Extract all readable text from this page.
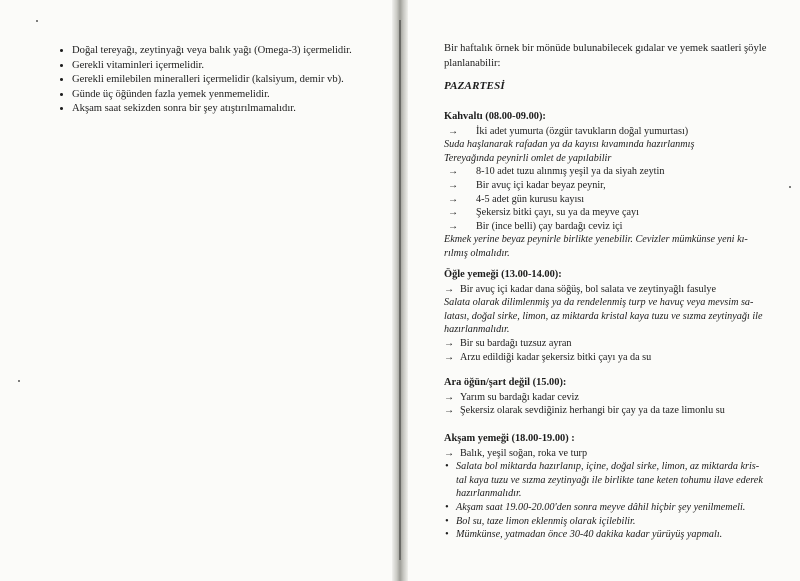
• Doğal tereyağı, zeytinyağı veya balık yağı (Omega-3) içermelidir.
• Gerekli vitaminleri içermelidir.
• Gerekli emilebilen mineralleri içermelidir (kalsiyum, demir vb).
• Günde üç öğünden fazla yemek yenmemelidir.
• Akşam saat sekizden sonra bir şey atıştırılmamalıdır.
Bir haftalık örnek bir mönüde bulunabilecek gıdalar ve yemek saatleri şöyle planlanabilir:
PAZARTESİ
Kahvaltı (08.00-09.00):
→ İki adet yumurta (özgür tavukların doğal yumurtası)
Suda haşlanarak rafadan ya da kayısı kıvamında hazırlanmış
Tereyağında peynirli omlet de yapılabilir
→ 8-10 adet tuzu alınmış yeşil ya da siyah zeytin
→ Bir avuç içi kadar beyaz peynir,
→ 4-5 adet gün kurusu kayısı
→ Şekersiz bitki çayı, su ya da meyve çayı
→ Bir (ince belli) çay bardağı ceviz içi
Ekmek yerine beyaz peynirle birlikte yenebilir. Cevizler mümkünse yeni kı-
rılmış olmalıdır.
Öğle yemeği (13.00-14.00):
→ Bir avuç içi kadar dana söğüş, bol salata ve zeytinyağlı fasulye
Salata olarak dilimlenmiş ya da rendelenmiş turp ve havuç veya mevsim sa-
latası, doğal sirke, limon, az miktarda kristal kaya tuzu ve sızma zeytinyağı ile
hazırlanmalıdır.
→ Bir su bardağı tuzsuz ayran
→ Arzu edildiği kadar şekersiz bitki çayı ya da su
Ara öğün/şart değil (15.00):
→ Yarım su bardağı kadar ceviz
→ Şekersiz olarak sevdiğiniz herhangi bir çay ya da taze limonlu su
Akşam yemeği (18.00-19.00) :
→ Balık, yeşil soğan, roka ve turp
• Salata bol miktarda hazırlanıp, içine, doğal sirke, limon, az miktarda kris-
tal kaya tuzu ve sızma zeytinyağı ile birlikte tane keten tohumu ilave ederek
hazırlanmalıdır.
• Akşam saat 19.00-20.00'den sonra meyve dâhil hiçbir şey yenilmemeli.
• Bol su, taze limon eklenmiş olarak içilebilir.
• Mümkünse, yatmadan önce 30-40 dakika kadar yürüyüş yapmalı.
